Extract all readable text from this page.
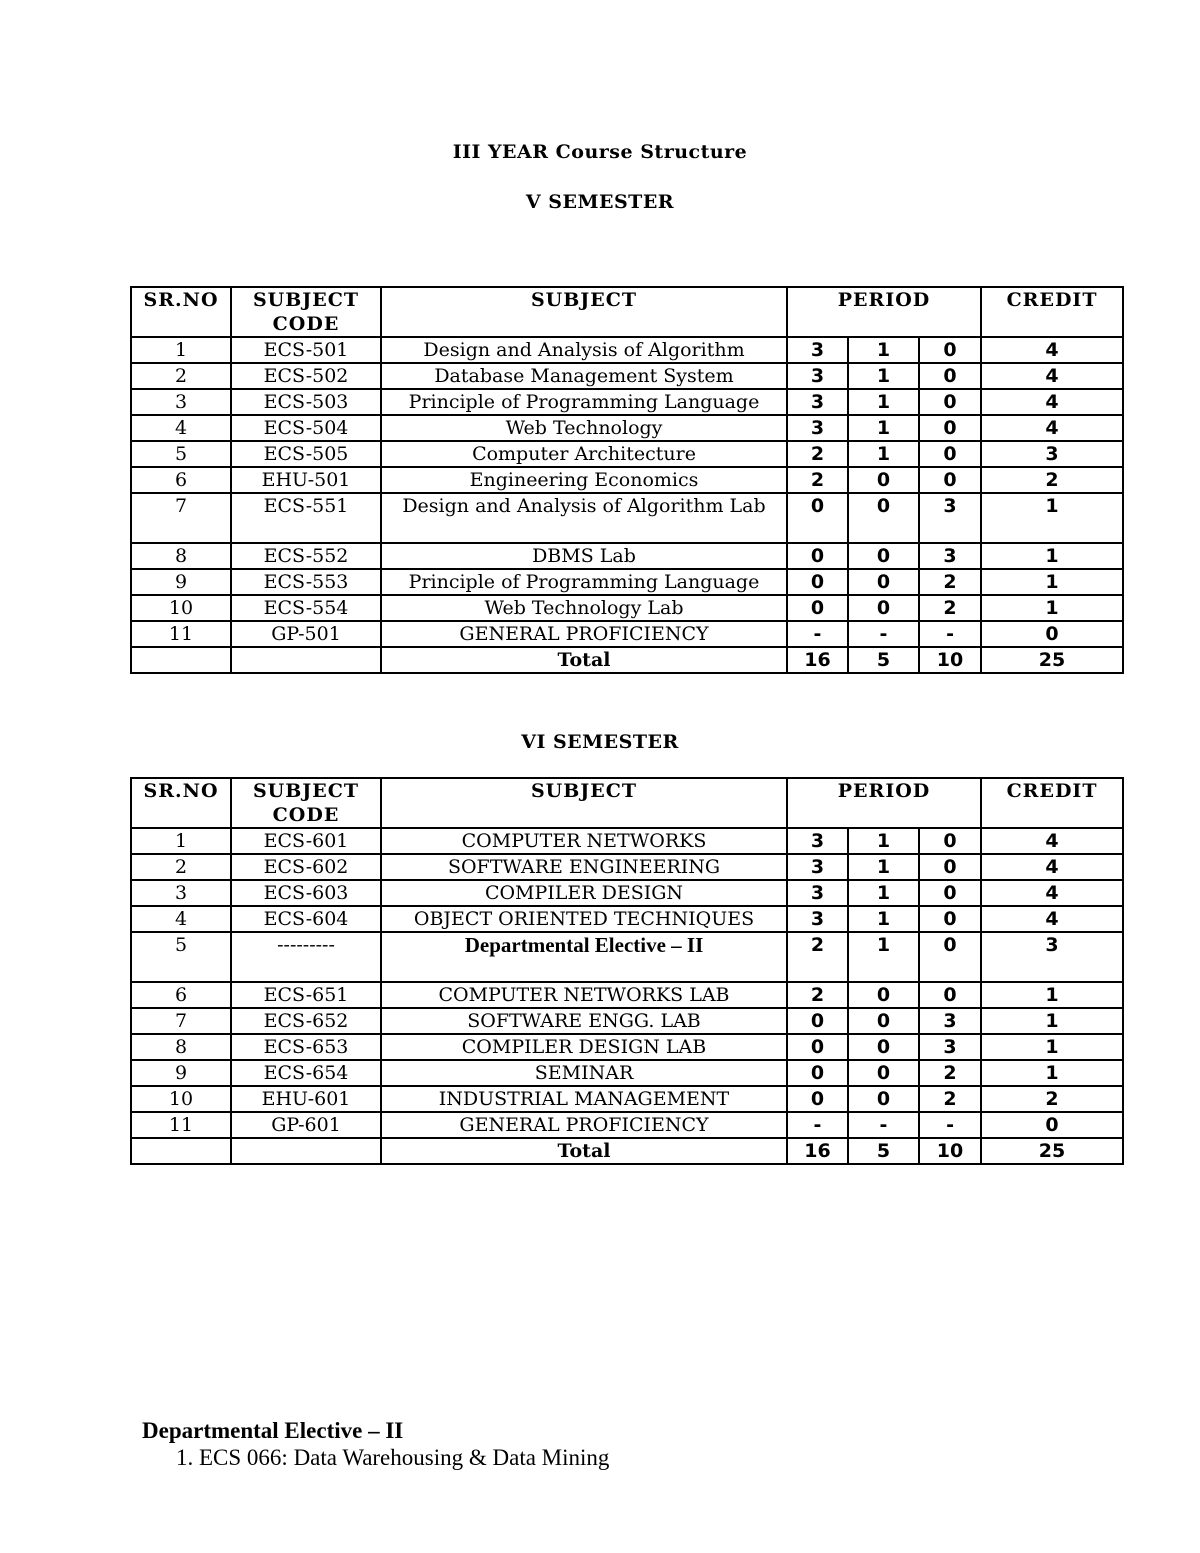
III YEAR Course Structure
V SEMESTER
SR.NO	SUBJECT CODE	SUBJECT	PERIOD			CREDIT
1	ECS-501	Design and Analysis of Algorithm	3	1	0	4
2	ECS-502	Database Management System	3	1	0	4
3	ECS-503	Principle of Programming Language	3	1	0	4
4	ECS-504	Web Technology	3	1	0	4
5	ECS-505	Computer Architecture	2	1	0	3
6	EHU-501	Engineering Economics	2	0	0	2
7	ECS-551	Design and Analysis of Algorithm Lab	0	0	3	1
8	ECS-552	DBMS Lab	0	0	3	1
9	ECS-553	Principle of Programming Language	0	0	2	1
10	ECS-554	Web Technology Lab	0	0	2	1
11	GP-501	GENERAL PROFICIENCY	-	-	-	0
		Total	16	5	10	25
VI SEMESTER
SR.NO	SUBJECT CODE	SUBJECT	PERIOD			CREDIT
1	ECS-601	COMPUTER NETWORKS	3	1	0	4
2	ECS-602	SOFTWARE ENGINEERING	3	1	0	4
3	ECS-603	COMPILER DESIGN	3	1	0	4
4	ECS-604	OBJECT ORIENTED TECHNIQUES	3	1	0	4
5	---------	Departmental Elective – II	2	1	0	3
6	ECS-651	COMPUTER NETWORKS LAB	2	0	0	1
7	ECS-652	SOFTWARE ENGG. LAB	0	0	3	1
8	ECS-653	COMPILER DESIGN LAB	0	0	3	1
9	ECS-654	SEMINAR	0	0	2	1
10	EHU-601	INDUSTRIAL MANAGEMENT	0	0	2	2
11	GP-601	GENERAL PROFICIENCY	-	-	-	0
		Total	16	5	10	25
Departmental Elective – II
1. ECS 066: Data Warehousing & Data Mining
